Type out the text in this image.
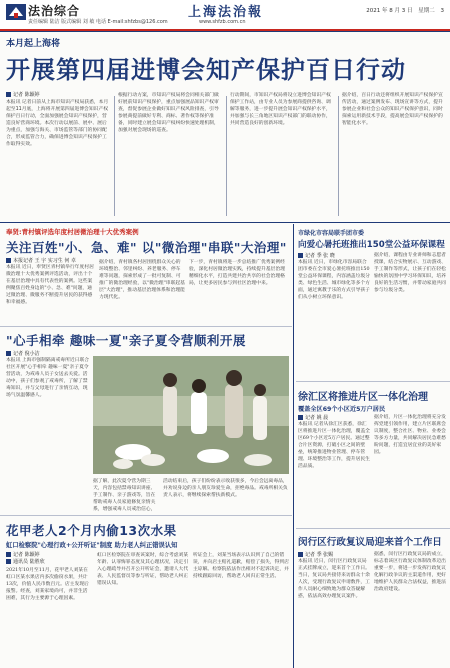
法治综合
责任编辑 陆洁 版式编辑 刘 敏 电话 E-mail:shfzbs@126.com
上海法治報
www.shfzb.com.cn
2021 年 8 月 3 日 星期二 3
本月起上海将
开展第四届进博会知产保护百日行动
记者 陈颖婷
本报讯 记者日前从上海市知识产权局获悉，本月起至11月底，上海将开展第四届进博会知识产权保护百日行动，全面加强展会知识产权保护，营造良好营商环境。本次行动以展前、展中、展后为重点，加强与海关、市场监管等部门的协同配合，形成监管合力，确保进博会知识产权保护工作取得实效。
根据行动方案，市知识产权局将会同相关部门做好展前知识产权保护，重点加强展品知识产权审查，督促参展企业做好知识产权风险排查，引导参展商提前做好专利、商标、著作权等保护准备，同时建立展会知识产权纠纷快速处理机制，加强对展会现场的巡查。
行动期间，市知识产权局将设立进博会知识产权保护工作站，由专业人员为参展商提供咨询、调解等服务，进一步提升展会知识产权保护水平，并加强与长三角地区知识产权部门的联动协作，共同营造良好的创新环境。
据介绍，百日行动还将组织开展知识产权保护宣传活动，通过案例发布、现场宣讲等方式，提升参展企业和社会公众的知识产权保护意识，同时探索运用新技术手段，提高展会知识产权保护的智能化水平。
奉贤:青村镇评选年度村居微治理十大优秀案例
关注百姓"小、急、难" 以"微治理"串联"大治理"
本报记者 王 宇 实习生 何 卓
本报讯 近日，奉贤区青村镇举行年度村居微治理十大优秀案例评选活动，评出十个在基层治理中具有代表性的案例。这些案例聚焦百姓身边的"小、急、难"问题，通过微治理、微服务不断提升居民的获得感和幸福感。
据介绍，青村镇各村居围绕群众关心的环境整治、邻里纠纷、养老服务、停车难等问题，探索形成了一批可复制、可推广的微治理经验，以"微治理"串联起基层"大治理"，推动基层治理体系和治理能力现代化。
下一步，青村镇将进一步总结推广优秀案例经验，深化村居微治理实践，持续提升基层治理精细化水平，打造共建共治共享的社会治理格局，让更多居民参与到社区治理中来。
"心手相牵 趣味一夏"亲子夏令营顺利开展
记者 倪小洁
本报讯 上海市强制隔离戒毒所近日联合社区开展"心手相牵 趣味一夏"亲子夏令营活动，为戒毒人员子女送去关爱。活动中，孩子们参观了戒毒所，了解了禁毒知识，并与父母进行了亲情互动，现场气氛温馨感人。
据了解，此次夏令营为期三天，内容包括禁毒知识讲座、手工制作、亲子游戏等，旨在帮助戒毒人员家庭修复亲情关系，增强戒毒人员戒治信心，
活动结束后，孩子们纷纷表示收获很多，今后会远离毒品，并劝说身边的亲人朋友珍爱生命，拒绝毒品。戒毒所相关负责人表示，将继续探索帮扶新模式。
花甲老人2个月内偷13次水果
虹口检察院"心理行政+公开听证"制度 助力老人纠正错误认知
记者 陈颖婷
通讯员 陆胜欣
2021年10月至11月，花甲老人刘某在虹口区某水果店内多次偷窃水果，共计13次，价值人民币数百元。店主发现后报警。经查，刘某家境尚可，并非生活困难，其行为主要源于心理因素。
虹口区检察院在审查该案时，综合考虑刘某年龄、认罪悔罪态度及其心理状况，决定引入心理疏导并召开公开听证会，邀请人大代表、人民监督员等参与听证，帮助老人纠正错误认知。
听证会上，刘某当场表示认识到了自己的错误，并向店主赔礼道歉，赔偿了损失，得到店主谅解。检察院依法作出相对不起诉决定，并持续跟踪回访，帮助老人回归正常生活。
市绿化市容局联手团市委
向爱心暑托班推出150堂公益环保课程
记者 季 张 晓
本报讯 近日，市绿化市容局联合团市委在全市爱心暑托班推出150堂公益环保课程，内容涵盖垃圾分类、绿色生活、城市绿化等多个方面，通过寓教于乐的方式引导孩子们从小树立环保意识。
据介绍，课程由专业讲师和志愿者授课，结合实物展示、互动游戏、手工制作等形式，让孩子们在轻松愉快的氛围中学习环保知识，培养良好的生活习惯，并带动家庭共同参与垃圾分类。
徐汇区将推进片区一体化治理
覆盖全区69个小区近5万户居民
记者 姚 晨
本报讯 记者从徐汇区获悉，徐汇区将推进片区一体化治理，覆盖全区69个小区近5万户居民。通过整合片区资源，打破小区之间的壁垒，统筹推进物业管理、停车管理、环境整治等工作，提升居民生活品质。
据介绍，片区一体化治理将充分发挥党建引领作用，建立片区联席会议制度，整合社区、物业、业委会等多方力量，共同解决居民急难愁盼问题，打造宜居宜业的美好家园。
闵行区行政复议局迎来首个工作日
记者 季 张赐
本报讯 近日，闵行区行政复议局正式挂牌成立，迎来首个工作日。当日，复议局共接待来访群众十余人次，受理行政复议申请数件，工作人员耐心细致地为群众答疑解惑，依法高效办理复议案件。
据悉，闵行区行政复议局的成立，标志着该区行政复议体制改革迈出重要一步，将进一步发挥行政复议化解行政争议的主渠道作用，更好地维护人民群众合法权益，推进法治政府建设。
